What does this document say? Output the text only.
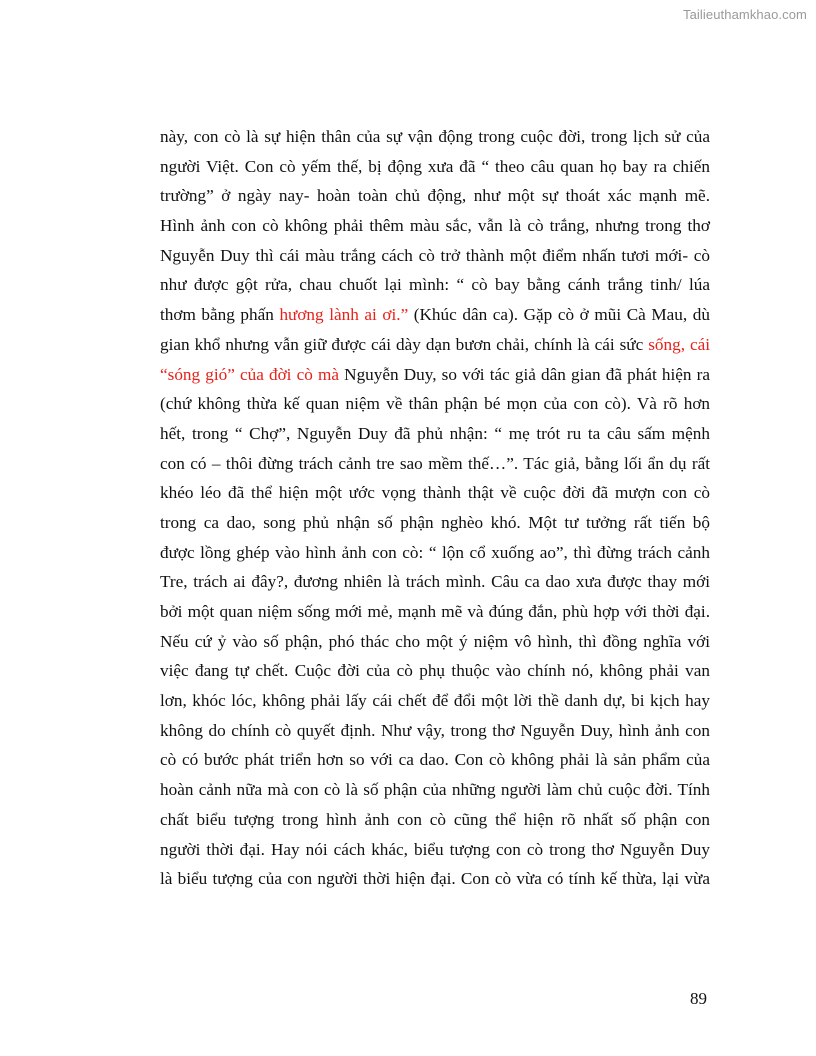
Tailieuthamkhao.com
này, con cò là sự hiện thân của sự vận động trong cuộc đời, trong lịch sử của
người Việt. Con cò yếm thế, bị động xưa đã “ theo câu quan họ bay ra chiến
trường” ở ngày nay- hoàn toàn chủ động, như một sự thoát xác mạnh mẽ.
Hình ảnh con cò không phải thêm màu sắc, vẫn là cò trắng, nhưng trong thơ
Nguyễn Duy thì cái màu trắng cách cò trở thành một điểm nhấn tươi mới- cò
như được gột rửa, chau chuốt lại mình: “ cò bay bằng cánh trắng tinh/ lúa
thơm bằng phấn hương lành ai ơi.” (Khúc dân ca). Gặp cò ở mũi Cà Mau, dù
gian khổ nhưng vẫn giữ được cái dày dạn bươn chải, chính là cái sức sống, cái
“sóng gió” của đời cò mà Nguyễn Duy, so với tác giả dân gian đã phát hiện ra
(chứ không thừa kế quan niệm về thân phận bé mọn của con cò). Và rõ hơn
hết, trong “ Chợ”, Nguyễn Duy đã phủ nhận: “ mẹ trót ru ta câu sấm mệnh
con có – thôi đừng trách cảnh tre sao mềm thế…”. Tác giả, bằng lối ẩn dụ rất
khéo léo đã thể hiện một ước vọng thành thật về cuộc đời đã mượn con cò
trong ca dao, song phủ nhận số phận nghèo khó. Một tư tưởng rất tiến bộ
được lồng ghép vào hình ảnh con cò: “ lộn cổ xuống ao”, thì đừng trách cảnh
Tre, trách ai đây?, đương nhiên là trách mình. Câu ca dao xưa được thay mới
bởi một quan niệm sống mới mẻ, mạnh mẽ và đúng đắn, phù hợp với thời đại.
Nếu cứ ỷ vào số phận, phó thác cho một ý niệm vô hình, thì đồng nghĩa với
việc đang tự chết. Cuộc đời của cò phụ thuộc vào chính nó, không phải van
lơn, khóc lóc, không phải lấy cái chết để đổi một lời thề danh dự, bi kịch hay
không do chính cò quyết định. Như vậy, trong thơ Nguyễn Duy, hình ảnh con
cò có bước phát triển hơn so với ca dao. Con cò không phải là sản phẩm của
hoàn cảnh nữa mà con cò là số phận của những người làm chủ cuộc đời. Tính
chất biểu tượng trong hình ảnh con cò cũng thể hiện rõ nhất số phận con
người thời đại. Hay nói cách khác, biểu tượng con cò trong thơ Nguyễn Duy
là biểu tượng của con người thời hiện đại. Con cò vừa có tính kế thừa, lại vừa
89
